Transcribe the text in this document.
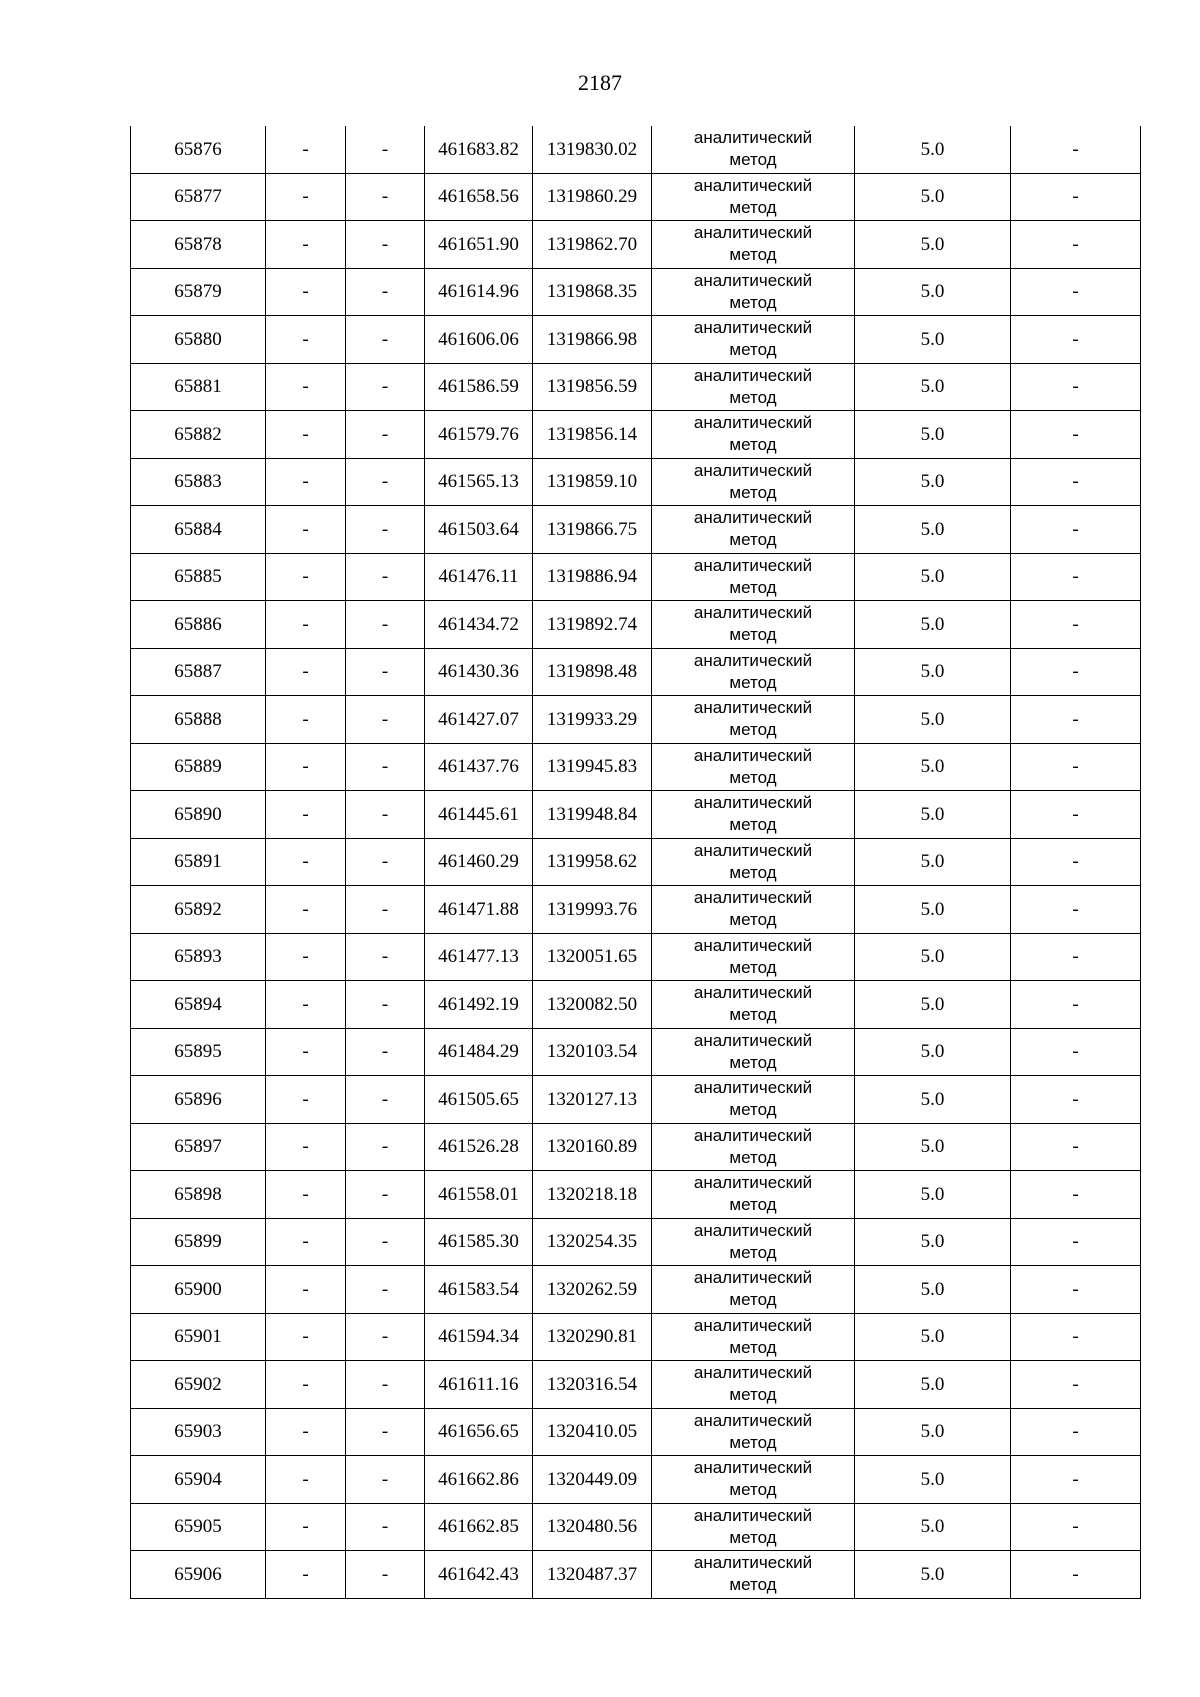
2187
65876	-	-	461683.82	1319830.02	аналитический
метод	5.0	-
65877	-	-	461658.56	1319860.29	аналитический
метод	5.0	-
65878	-	-	461651.90	1319862.70	аналитический
метод	5.0	-
65879	-	-	461614.96	1319868.35	аналитический
метод	5.0	-
65880	-	-	461606.06	1319866.98	аналитический
метод	5.0	-
65881	-	-	461586.59	1319856.59	аналитический
метод	5.0	-
65882	-	-	461579.76	1319856.14	аналитический
метод	5.0	-
65883	-	-	461565.13	1319859.10	аналитический
метод	5.0	-
65884	-	-	461503.64	1319866.75	аналитический
метод	5.0	-
65885	-	-	461476.11	1319886.94	аналитический
метод	5.0	-
65886	-	-	461434.72	1319892.74	аналитический
метод	5.0	-
65887	-	-	461430.36	1319898.48	аналитический
метод	5.0	-
65888	-	-	461427.07	1319933.29	аналитический
метод	5.0	-
65889	-	-	461437.76	1319945.83	аналитический
метод	5.0	-
65890	-	-	461445.61	1319948.84	аналитический
метод	5.0	-
65891	-	-	461460.29	1319958.62	аналитический
метод	5.0	-
65892	-	-	461471.88	1319993.76	аналитический
метод	5.0	-
65893	-	-	461477.13	1320051.65	аналитический
метод	5.0	-
65894	-	-	461492.19	1320082.50	аналитический
метод	5.0	-
65895	-	-	461484.29	1320103.54	аналитический
метод	5.0	-
65896	-	-	461505.65	1320127.13	аналитический
метод	5.0	-
65897	-	-	461526.28	1320160.89	аналитический
метод	5.0	-
65898	-	-	461558.01	1320218.18	аналитический
метод	5.0	-
65899	-	-	461585.30	1320254.35	аналитический
метод	5.0	-
65900	-	-	461583.54	1320262.59	аналитический
метод	5.0	-
65901	-	-	461594.34	1320290.81	аналитический
метод	5.0	-
65902	-	-	461611.16	1320316.54	аналитический
метод	5.0	-
65903	-	-	461656.65	1320410.05	аналитический
метод	5.0	-
65904	-	-	461662.86	1320449.09	аналитический
метод	5.0	-
65905	-	-	461662.85	1320480.56	аналитический
метод	5.0	-
65906	-	-	461642.43	1320487.37	аналитический
метод	5.0	-
